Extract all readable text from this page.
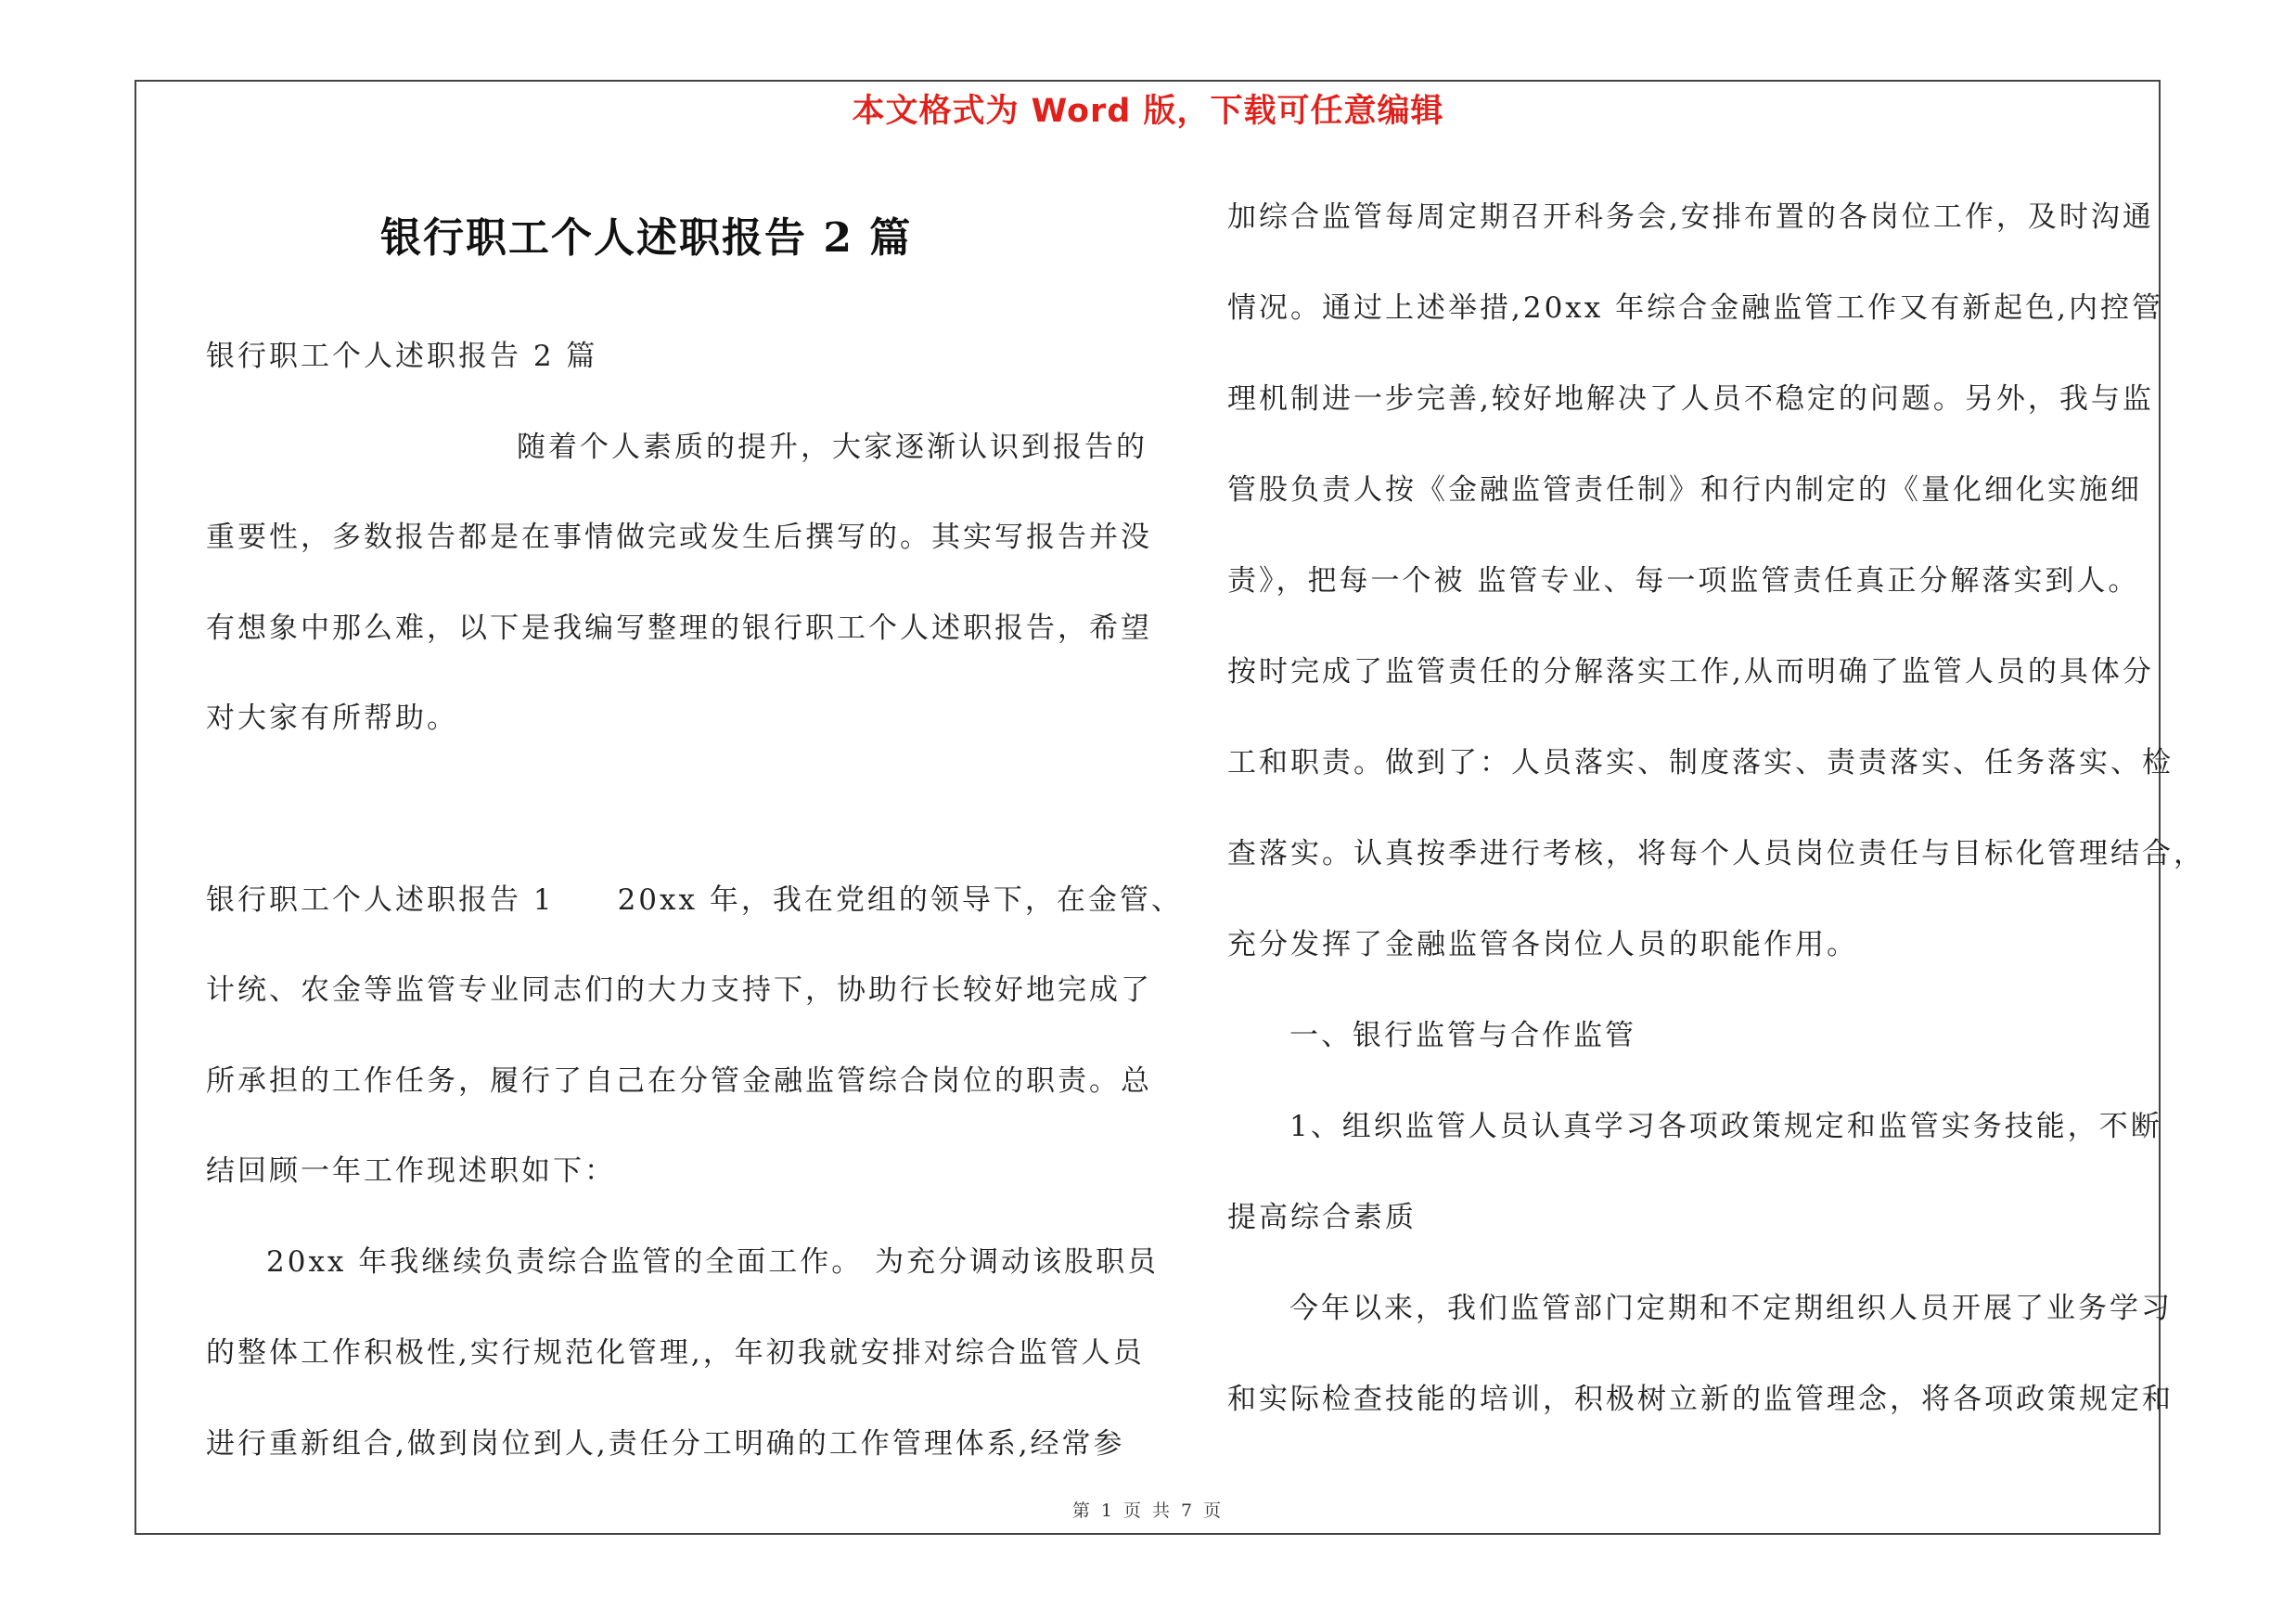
本文格式为 Word 版，下载可任意编辑
银行职工个人述职报告 2 篇
银行职工个人述职报告 2 篇
随着个人素质的提升，大家逐渐认识到报告的
重要性，多数报告都是在事情做完或发生后撰写的。其实写报告并没
有想象中那么难，以下是我编写整理的银行职工个人述职报告，希望
对大家有所帮助。
银行职工个人述职报告 1　　20xx 年，我在党组的领导下，在金管、
计统、农金等监管专业同志们的大力支持下，协助行长较好地完成了
所承担的工作任务，履行了自己在分管金融监管综合岗位的职责。总
结回顾一年工作现述职如下：
20xx 年我继续负责综合监管的全面工作。 为充分调动该股职员
的整体工作积极性,实行规范化管理,，年初我就安排对综合监管人员
进行重新组合,做到岗位到人,责任分工明确的工作管理体系,经常参
加综合监管每周定期召开科务会,安排布置的各岗位工作，及时沟通
情况。通过上述举措,20xx 年综合金融监管工作又有新起色,内控管
理机制进一步完善,较好地解决了人员不稳定的问题。另外，我与监
管股负责人按《金融监管责任制》和行内制定的《量化细化实施细
责》，把每一个被 监管专业、每一项监管责任真正分解落实到人。
按时完成了监管责任的分解落实工作,从而明确了监管人员的具体分
工和职责。做到了：人员落实、制度落实、责责落实、任务落实、检
查落实。认真按季进行考核，将每个人员岗位责任与目标化管理结合，
充分发挥了金融监管各岗位人员的职能作用。
一、银行监管与合作监管
1、组织监管人员认真学习各项政策规定和监管实务技能，不断
提高综合素质
今年以来，我们监管部门定期和不定期组织人员开展了业务学习
和实际检查技能的培训，积极树立新的监管理念，将各项政策规定和
第 1 页 共 7 页
